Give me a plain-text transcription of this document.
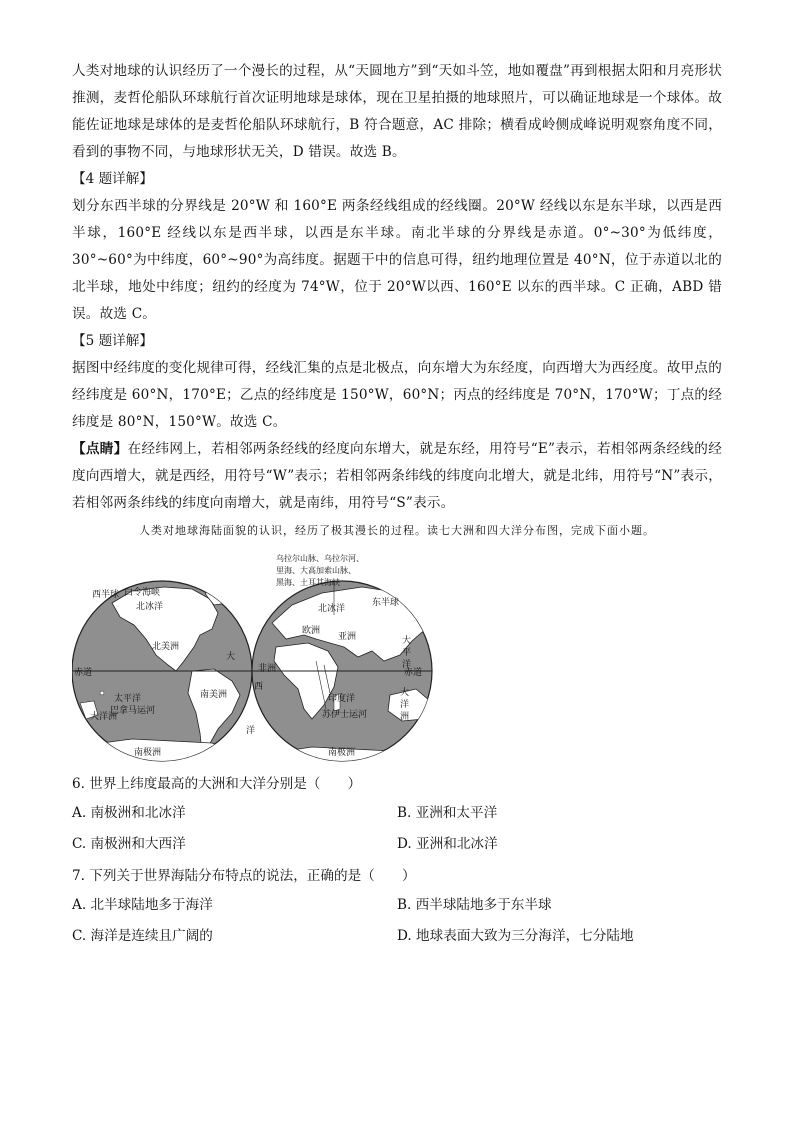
人类对地球的认识经历了一个漫长的过程，从“天圆地方”到“天如斗笠，地如覆盘”再到根据太阳和月亮形状推测，麦哲伦船队环球航行首次证明地球是球体，现在卫星拍摄的地球照片，可以确证地球是一个球体。故能佐证地球是球体的是麦哲伦船队环球航行，B 符合题意，AC 排除；横看成岭侧成峰说明观察角度不同，看到的事物不同，与地球形状无关，D 错误。故选 B。

【4 题详解】

划分东西半球的分界线是 20°W 和 160°E 两条经线组成的经线圈。20°W 经线以东是东半球，以西是西半球，160°E 经线以东是西半球，以西是东半球。南北半球的分界线是赤道。0°~30°为低纬度，30°~60°为中纬度，60°~90°为高纬度。据题干中的信息可得，纽约地理位置是 40°N，位于赤道以北的北半球，地处中纬度；纽约的经度为 74°W，位于 20°W以西、160°E 以东的西半球。C 正确，ABD 错误。故选 C。

【5 题详解】

据图中经纬度的变化规律可得，经线汇集的点是北极点，向东增大为东经度，向西增大为西经度。故甲点的经纬度是 60°N，170°E；乙点的经纬度是 150°W，60°N；丙点的经纬度是 70°N，170°W；丁点的经纬度是 80°N，150°W。故选 C。

【点睛】在经纬网上，若相邻两条经线的经度向东增大，就是东经，用符号“E”表示，若相邻两条经线的经度向西增大，就是西经，用符号“W”表示；若相邻两条纬线的纬度向北增大，就是北纬，用符号“N”表示，若相邻两条纬线的纬度向南增大，就是南纬，用符号“S”表示。

人类对地球海陆面貌的认识，经历了极其漫长的过程。读七大洲和四大洋分布图，完成下面小题。

白令海峡
西半球
北冰洋
北美洲
赤道
太平洋
大洋洲
巴拿马运河
南美洲
南极洲
大
西
洋
乌拉尔山脉、乌拉尔河、
里海、大高加索山脉、
黑海、土耳其海峡
东半球
北冰洋
欧洲
亚洲
非洲	赤道
印度洋
苏伊士运河
大
平
洋
大
洋
洲
南极洲

6. 世界上纬度最高的大洲和大洋分别是（　　）

A. 南极洲和北冰洋	B. 亚洲和太平洋

C. 南极洲和大西洋	D. 亚洲和北冰洋

7. 下列关于世界海陆分布特点的说法，正确的是（　　）

A. 北半球陆地多于海洋	B. 西半球陆地多于东半球

C. 海洋是连续且广阔的	D. 地球表面大致为三分海洋，七分陆地
